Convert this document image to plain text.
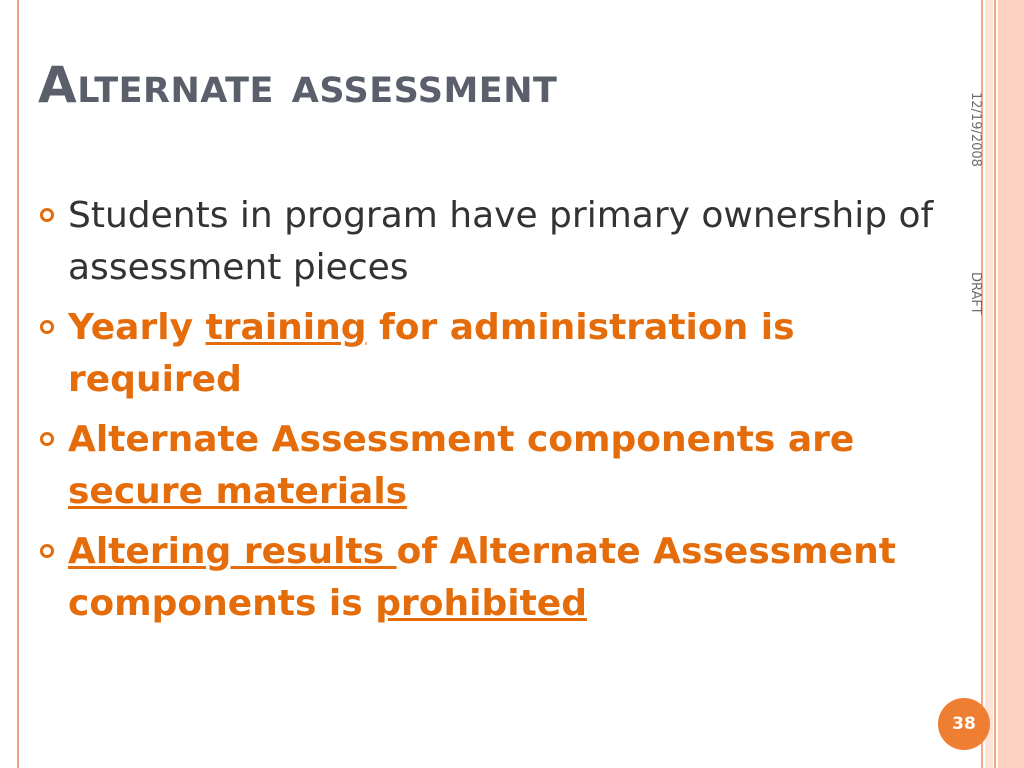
Alternate assessment
12/19/2008
DRAFT
Students in program have primary ownership of assessment pieces
Yearly training for administration is required
Alternate Assessment components are secure materials
Altering results of Alternate Assessment components is prohibited
38
